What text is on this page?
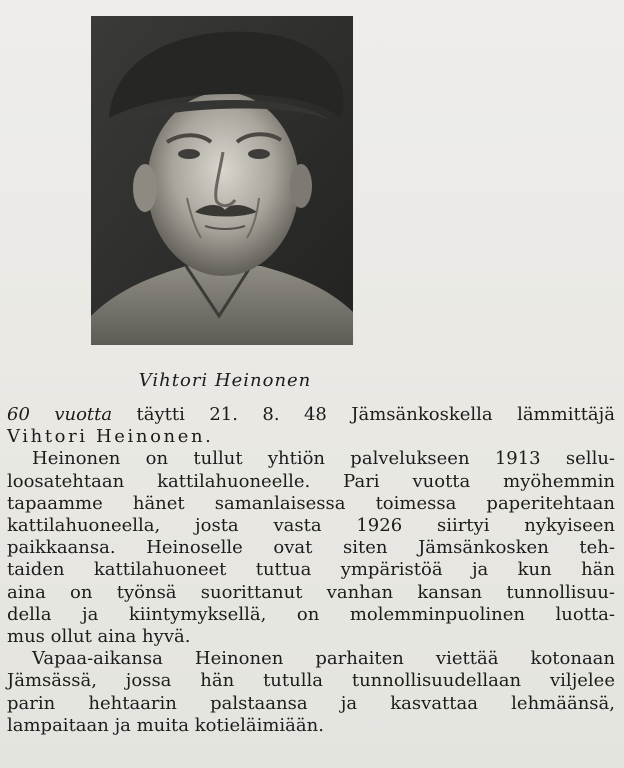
Vihtori Heinonen
60 vuotta täytti 21. 8. 48 Jämsänkoskella lämmittäjä
Vihtori Heinonen.
Heinonen on tullut yhtiön palvelukseen 1913 sellu-
loosatehtaan kattilahuoneelle. Pari vuotta myöhemmin
tapaamme hänet samanlaisessa toimessa paperitehtaan
kattilahuoneella, josta vasta 1926 siirtyi nykyiseen
paikkaansa. Heinoselle ovat siten Jämsänkosken teh-
taiden kattilahuoneet tuttua ympäristöä ja kun hän
aina on työnsä suorittanut vanhan kansan tunnollisuu-
della ja kiintymyksellä, on molemminpuolinen luotta-
mus ollut aina hyvä.
Vapaa-aikansa Heinonen parhaiten viettää kotonaan
Jämsässä, jossa hän tutulla tunnollisuudellaan viljelee
parin hehtaarin palstaansa ja kasvattaa lehmäänsä,
lampaitaan ja muita kotieläimiään.
